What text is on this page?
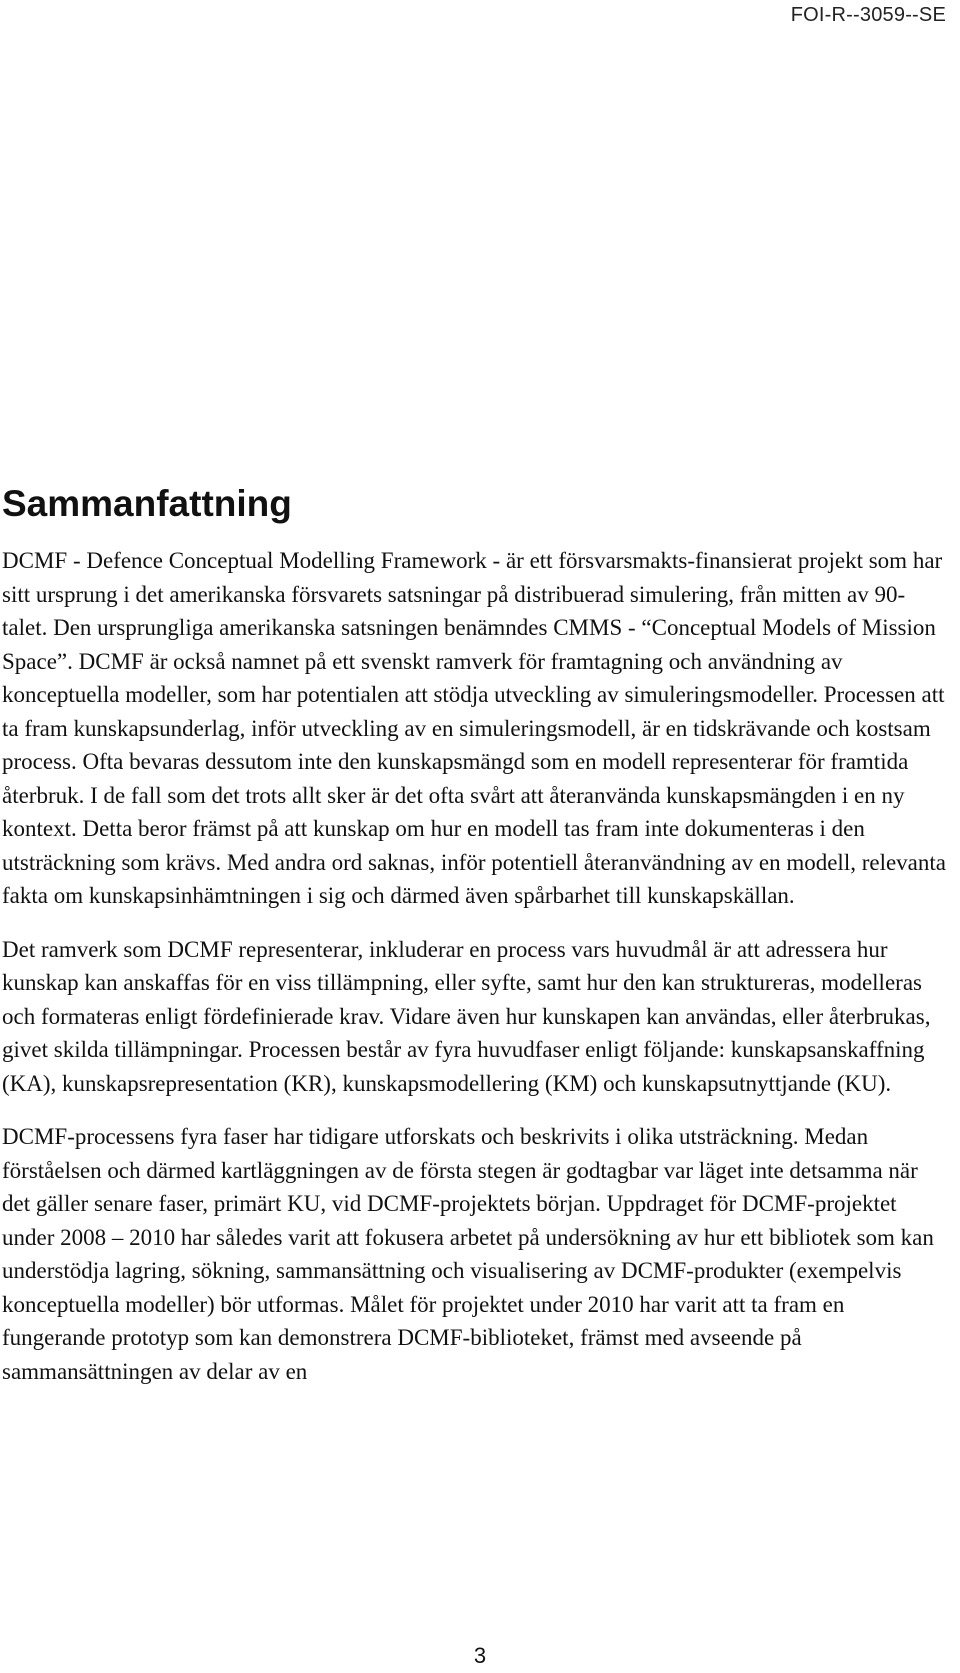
FOI-R--3059--SE
Sammanfattning

DCMF - Defence Conceptual Modelling Framework - är ett försvarsmakts-finansierat projekt som har sitt ursprung i det amerikanska försvarets satsningar på distribuerad simulering, från mitten av 90-talet. Den ursprungliga amerikanska satsningen benämndes CMMS - “Conceptual Models of Mission Space”. DCMF är också namnet på ett svenskt ramverk för framtagning och användning av konceptuella modeller, som har potentialen att stödja utveckling av simuleringsmodeller. Processen att ta fram kunskapsunderlag, inför utveckling av en simuleringsmodell, är en tidskrävande och kostsam process. Ofta bevaras dessutom inte den kunskapsmängd som en modell representerar för framtida återbruk. I de fall som det trots allt sker är det ofta svårt att återanvända kunskapsmängden i en ny kontext. Detta beror främst på att kunskap om hur en modell tas fram inte dokumenteras i den utsträckning som krävs. Med andra ord saknas, inför potentiell återanvändning av en modell, relevanta fakta om kunskapsinhämtningen i sig och därmed även spårbarhet till kunskapskällan.

Det ramverk som DCMF representerar, inkluderar en process vars huvudmål är att adressera hur kunskap kan anskaffas för en viss tillämpning, eller syfte, samt hur den kan struktureras, modelleras och formateras enligt fördefinierade krav. Vidare även hur kunskapen kan användas, eller återbrukas, givet skilda tillämpningar. Processen består av fyra huvudfaser enligt följande: kunskapsanskaffning (KA), kunskapsrepresentation (KR), kunskapsmodellering (KM) och kunskapsutnyttjande (KU).

DCMF-processens fyra faser har tidigare utforskats och beskrivits i olika utsträckning. Medan förståelsen och därmed kartläggningen av de första stegen är godtagbar var läget inte detsamma när det gäller senare faser, primärt KU, vid DCMF-projektets början. Uppdraget för DCMF-projektet under 2008 – 2010 har således varit att fokusera arbetet på undersökning av hur ett bibliotek som kan understödja lagring, sökning, sammansättning och visualisering av DCMF-produkter (exempelvis konceptuella modeller) bör utformas. Målet för projektet under 2010 har varit att ta fram en fungerande prototyp som kan demonstrera DCMF-biblioteket, främst med avseende på sammansättningen av delar av en

3
